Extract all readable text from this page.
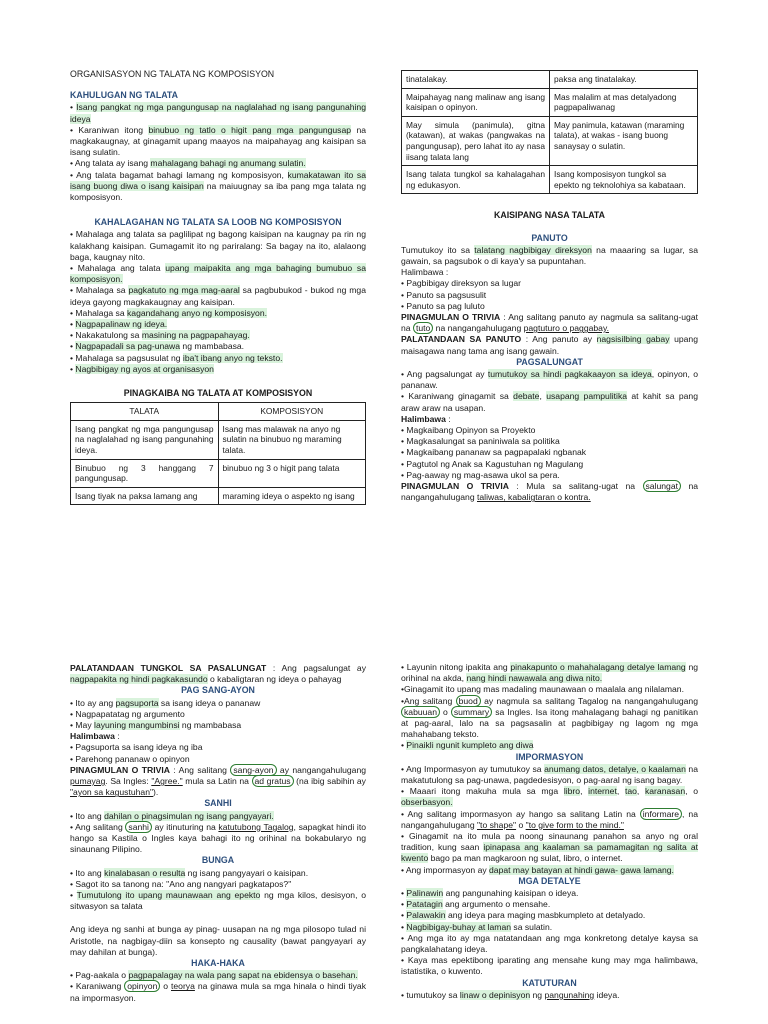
ORGANISASYON NG TALATA NG KOMPOSISYON
KAHULUGAN NG TALATA

• Isang pangkat ng mga pangungusap na naglalahad ng isang pangunahing ideya

• Karaniwan itong binubuo ng tatlo o higit pang mga pangungusap na magkakaugnay, at ginagamit upang maayos na maipahayag ang kaisipan sa isang sulatin.

• Ang talata ay isang mahalagang bahagi ng anumang sulatin.

• Ang talata bagamat bahagi lamang ng komposisyon, kumakatawan ito sa isang buong diwa o isang kaisipan na maiuugnay sa iba pang mga talata ng komposisyon.

KAHALAGAHAN NG TALATA SA LOOB NG KOMPOSISYON

• Mahalaga ang talata sa paglilipat ng bagong kaisipan na kaugnay pa rin ng kalakhang kaisipan. Gumagamit ito ng pariralang: Sa bagay na ito, alalaong baga, kaugnay nito.

• Mahalaga ang talata upang maipakita ang mga bahaging bumubuo sa komposisyon.

• Mahalaga sa pagkatuto ng mga mag-aaral sa pagbubukod - bukod ng mga ideya gayong magkakaugnay ang kaisipan.

• Mahalaga sa kagandahang anyo ng komposisyon.

• Nagpapalinaw ng ideya.

• Nakakatulong sa masining na pagpapahayag.

• Nagpapadali sa pag-unawa ng mambabasa.

• Mahalaga sa pagsusulat ng iba't ibang anyo ng teksto.

• Nagbibigay ng ayos at organisasyon

PINAGKAIBA NG TALATA AT KOMPOSISYON
TALATA	KOMPOSISYON
Isang pangkat ng mga pangungusap na naglalahad ng isang pangunahing ideya.	Isang mas malawak na anyo ng sulatin na binubuo ng maraming talata.
Binubuo ng 3 hanggang 7 pangungusap.	binubuo ng 3 o higit pang talata
Isang tiyak na paksa lamang ang	maraming ideya o aspekto ng isang
tinatalakay.	paksa ang tinatalakay.
Maipahayag nang malinaw ang isang kaisipan o opinyon.	Mas malalim at mas detalyadong pagpapaliwanag
May simula (panimula), gitna (katawan), at wakas (pangwakas na pangungusap), pero lahat ito ay nasa iisang talata lang	May panimula, katawan (maraming talata), at wakas - isang buong sanaysay o sulatin.
Isang talata tungkol sa kahalagahan ng edukasyon.	Isang komposisyon tungkol sa epekto ng teknolohiya sa kabataan.
KAISIPANG NASA TALATA
PANUTO

Tumutukoy ito sa talatang nagbibigay direksyon na maaaring sa lugar, sa gawain, sa pagsubok o di kaya'y sa pupuntahan.

Halimbawa :

• Pagbibigay direksyon sa lugar

• Panuto sa pagsusulit

• Panuto sa pag luluto

PINAGMULAN O TRIVIA : Ang salitang panuto ay nagmula sa salitang-ugat na tuto na nangangahulugang pagtuturo o paggabay.

PALATANDAAN SA PANUTO : Ang panuto ay nagsisilbing gabay upang maisagawa nang tama ang isang gawain.

PAGSALUNGAT

• Ang pagsalungat ay tumutukoy sa hindi pagkakaayon sa ideya, opinyon, o pananaw.

• Karaniwang ginagamit sa debate, usapang pampulitika at kahit sa pang araw araw na usapan.

Halimbawa :

• Magkaibang Opinyon sa Proyekto

• Magkasalungat sa paniniwala sa politika

• Magkaibang pananaw sa pagpapalaki ngbanak

• Pagtutol ng Anak sa Kagustuhan ng Magulang

• Pag-aaway ng mag-asawa ukol sa pera.

PINAGMULAN O TRIVIA : Mula sa salitang-ugat na salungat na nangangahulugang taliwas, kabaligtaran o kontra.

PALATANDAAN TUNGKOL SA PASALUNGAT : Ang pagsalungat ay nagpapakita ng hindi pagkakasundo o kabaligtaran ng ideya o pahayag

PAG SANG-AYON

• Ito ay ang pagsuporta sa isang ideya o pananaw

• Nagpapatatag ng argumento

• May layuning mangumbinsi ng mambabasa

Halimbawa :

• Pagsuporta sa isang ideya ng iba

• Parehong pananaw o opinyon

PINAGMULAN O TRIVIA : Ang salitang sang-ayon ay nangangahulugang pumayag. Sa Ingles: "Agree." mula sa Latin na ad gratus (na ibig sabihin ay "ayon sa kagustuhan").

SANHI

• Ito ang dahilan o pinagsimulan ng isang pangyayari.

• Ang salitang sanhi ay itinuturing na katutubong Tagalog, sapagkat hindi ito hango sa Kastila o Ingles kaya bahagi ito ng orihinal na bokabularyo ng sinaunang Pilipino.

BUNGA

• Ito ang kinalabasan o resulta ng isang pangyayari o kaisipan.

• Sagot ito sa tanong na: "Ano ang nangyari pagkatapos?"

• Tumutulong ito upang maunawaan ang epekto ng mga kilos, desisyon, o sitwasyon sa talata

Ang ideya ng sanhi at bunga ay pinag- uusapan na ng mga pilosopo tulad ni Aristotle, na nagbigay-diin sa konsepto ng causality (bawat pangyayari ay may dahilan at bunga).

HAKA-HAKA

• Pag-aakala o pagpapalagay na wala pang sapat na ebidensya o basehan.

• Karaniwang opinyon o teorya na ginawa mula sa mga hinala o hindi tiyak na impormasyon.

• Layunin nitong ipakita ang pinakapunto o mahahalagang detalye lamang ng orihinal na akda, nang hindi nawawala ang diwa nito.

•Ginagamit ito upang mas madaling maunawaan o maalala ang nilalaman.

•Ang salitang buod ay nagmula sa salitang Tagalog na nangangahulugang kabuuan o summary sa Ingles. Isa itong mahalagang bahagi ng panitikan at pag-aaral, lalo na sa pagsasalin at pagbibigay ng lagom ng mga mahahabang teksto.

• Pinaikli ngunit kumpleto ang diwa

IMPORMASYON

• Ang Impormasyon ay tumutukoy sa anumang datos, detalye, o kaalaman na makatutulong sa pag-unawa, pagdedesisyon, o pag-aaral ng isang bagay.

• Maaari itong makuha mula sa mga libro, internet, tao, karanasan, o obserbasyon.

• Ang salitang impormasyon ay hango sa salitang Latin na informare , na nangangahulugang "to shape" o "to give form to the mind."

• Ginagamit na ito mula pa noong sinaunang panahon sa anyo ng oral tradition, kung saan ipinapasa ang kaalaman sa pamamagitan ng salita at kwento bago pa man magkaroon ng sulat, libro, o internet.

• Ang impormasyon ay dapat may batayan at hindi gawa- gawa lamang.

MGA DETALYE

• Palinawin ang pangunahing kaisipan o ideya.

• Patatagin ang argumento o mensahe.

• Palawakin ang ideya para maging masbkumpleto at detalyado.

• Nagbibigay-buhay at laman sa sulatin.

• Ang mga ito ay mga natatandaan ang mga konkretong detalye kaysa sa pangkalahatang ideya.

• Kaya mas epektibong iparating ang mensahe kung may mga halimbawa, istatistika, o kuwento.

KATUTURAN

• tumutukoy sa linaw o depinisyon ng pangunahing ideya.
